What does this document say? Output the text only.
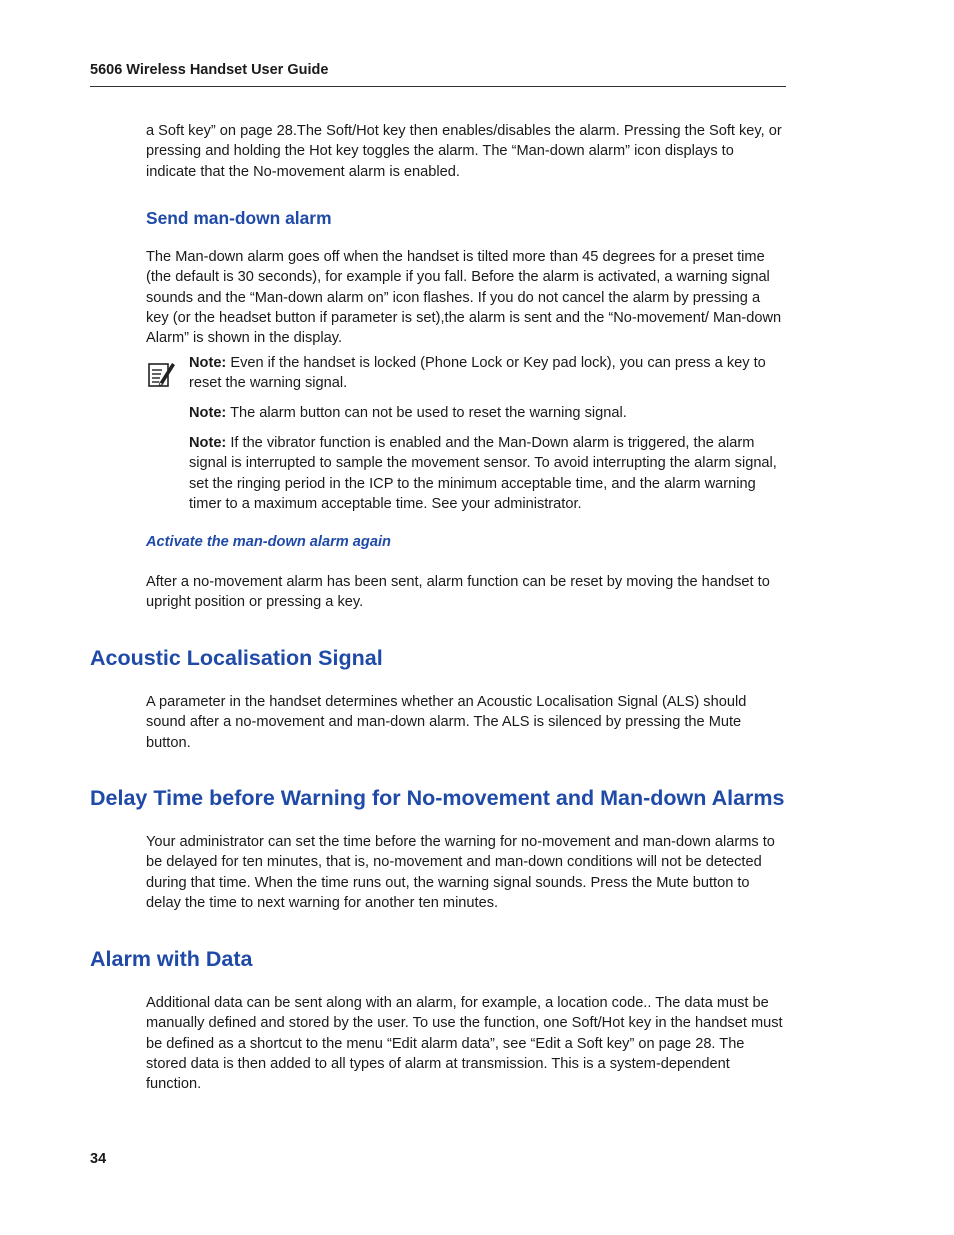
5606 Wireless Handset User Guide

a Soft key” on page 28.The Soft/Hot key then enables/disables the alarm. Pressing the Soft key, or pressing and holding the Hot key toggles the alarm. The “Man-down alarm” icon displays to indicate that the No-movement alarm is enabled.

Send man-down alarm

The Man-down alarm goes off when the handset is tilted more than 45 degrees for a preset time (the default is 30 seconds), for example if you fall. Before the alarm is activated, a warning signal sounds and the “Man-down alarm on” icon flashes. If you do not cancel the alarm by pressing a key (or the headset button if parameter is set),the alarm is sent and the “No-movement/ Man-down Alarm” is shown in the display.

Note: Even if the handset is locked (Phone Lock or Key pad lock), you can press a key to reset the warning signal.

Note: The alarm button can not be used to reset the warning signal.

Note: If the vibrator function is enabled and the Man-Down alarm is triggered, the alarm signal is interrupted to sample the movement sensor. To avoid interrupting the alarm signal, set the ringing period in the ICP to the minimum acceptable time, and the alarm warning timer to a maximum acceptable time. See your administrator.

Activate the man-down alarm again

After a no-movement alarm has been sent, alarm function can be reset by moving the handset to upright position or pressing a key.

Acoustic Localisation Signal

A parameter in the handset determines whether an Acoustic Localisation Signal (ALS) should sound after a no-movement and man-down alarm. The ALS is silenced by pressing the Mute button.

Delay Time before Warning for No-movement and Man-down Alarms

Your administrator can set the time before the warning for no-movement and man-down alarms to be delayed for ten minutes, that is, no-movement and man-down conditions will not be detected during that time. When the time runs out, the warning signal sounds. Press the Mute button to delay the time to next warning for another ten minutes.

Alarm with Data

Additional data can be sent along with an alarm, for example, a location code.. The data must be manually defined and stored by the user. To use the function, one Soft/Hot key in the handset must be defined as a shortcut to the menu “Edit alarm data”, see “Edit a Soft key” on page 28. The stored data is then added to all types of alarm at transmission. This is a system-dependent function.

34
